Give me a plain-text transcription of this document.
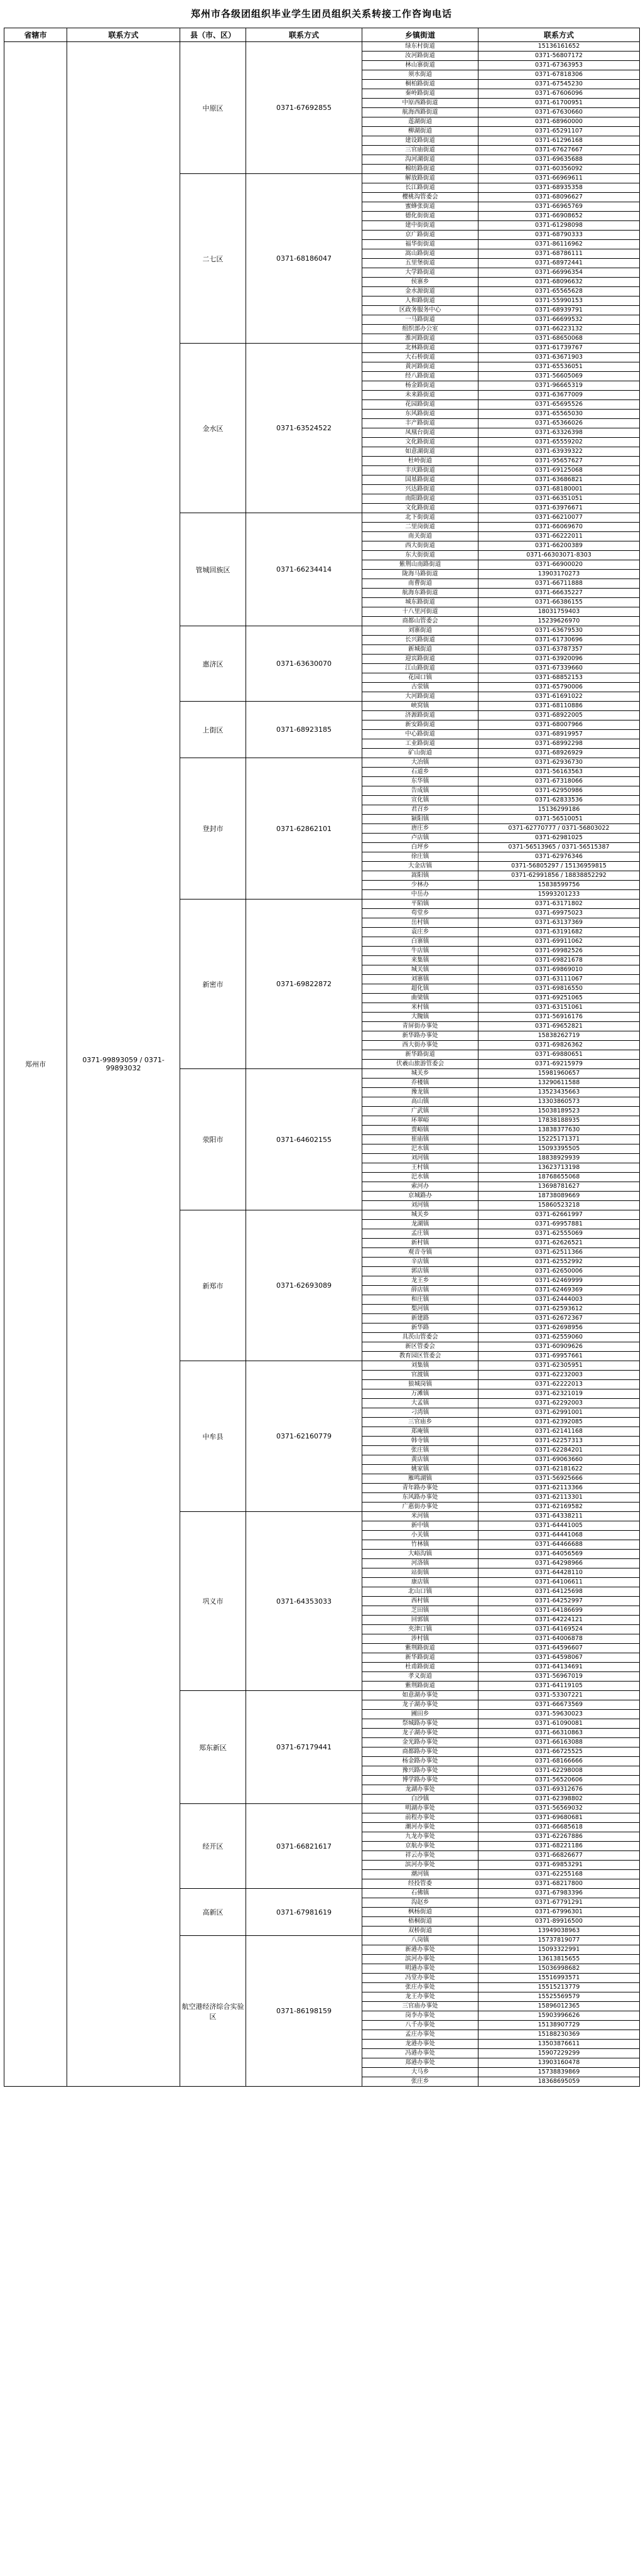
郑州市各级团组织毕业学生团员组织关系转接工作咨询电话
省辖市	联系方式	县（市、区）	联系方式	乡镇街道	联系方式
郑州市	0371-99893059 / 0371-99893032	中原区	0371-67692855	绿东村街道	15136161652
				汝河路街道	0371-56807172
				林山寨街道	0371-67363953
				须水街道	0371-67818306
				桐柏路街道	0371-67545230
				秦岭路街道	0371-67606096
				中原西路街道	0371-61700951
				航海西路街道	0371-67630660
				莲湖街道	0371-68960000
				柳湖街道	0371-65291107
				建设路街道	0371-61296168
				三官庙街道	0371-67627667
				沟河湖街道	0371-69635688
				棉纺路街道	0371-60356092
		二七区	0371-68186047	解放路街道	0371-66969611
				长江路街道	0371-68935358
				樱桃沟管委会	0371-68096627
				蜜蜂张街道	0371-66965769
				德化街街道	0371-66908652
				建中街街道	0371-61298098
				京广路街道	0371-68790333
				福华街街道	0371-86116962
				嵩山路街道	0371-68786111
				五里堡街道	0371-68972441
				大学路街道	0371-66996354
				侯寨乡	0371-68096632
				金水源街道	0371-65565628
				人和路街道	0371-55990153
				区政务服务中心	0371-68939791
				一马路街道	0371-66699532
				组织部办公室	0371-66223132
				淮河路街道	0371-68650068
		金水区	0371-63524522	北林路街道	0371-61739767
				大石桥街道	0371-63671903
				黄河路街道	0371-65536051
				经八路街道	0371-56605069
				杨金路街道	0371-96665319
				未来路街道	0371-63677009
				花园路街道	0371-65695526
				东风路街道	0371-65565030
				丰产路街道	0371-65366026
				凤凰台街道	0371-63326398
				文化路街道	0371-65559202
				如意湖街道	0371-63939322
				杜岭街道	0371-95657627
				丰庆路街道	0371-69125068
				国基路街道	0371-63686821
				兴达路街道	0371-68180001
				南阳路街道	0371-66351051
				文化路街道	0371-63976671
		管城回族区	0371-66234414	北下街街道	0371-66210077
				二里岗街道	0371-66069670
				南关街道	0371-66222011
				西大街街道	0371-66200389
				东大街街道	0371-66303071-8303
				紫荆山南路街道	0371-66900020
				陇海马路街道	13903170273
				南曹街道	0371-66711888
				航海东路街道	0371-66635227
				城东路街道	0371-66386155
				十八里河街道	18031759403
				商都山管委会	15239626970
		惠济区	0371-63630070	刘寨街道	0371-63679530
				长兴路街道	0371-61730696
				新城街道	0371-63787357
				迎宾路街道	0371-63920096
				江山路街道	0371-67339660
				花园口镇	0371-68852153
				古荥镇	0371-65790006
				大河路街道	0371-61691022
		上街区	0371-68923185	峡窝镇	0371-68110886
				济源路街道	0371-68922005
				新安路街道	0371-68007966
				中心路街道	0371-68919957
				工业路街道	0371-68992298
				矿山街道	0371-68926929
		登封市	0371-62862101	大冶镇	0371-62936730
				石道乡	0371-56163563
				东华镇	0371-67318066
				告成镇	0371-62950986
				宣化镇	0371-62833536
				君召乡	15136299186
				颍阳镇	0371-56510051
				唐庄乡	0371-62770777 / 0371-56803022
				卢店镇	0371-62981025
				白坪乡	0371-56513965 / 0371-56515387
				徐庄镇	0371-62976346
				大金店镇	0371-56805297 / 15136959815
				嵩阳镇	0371-62991856 / 18838852292
				少林办	15838599756
				中岳办	15993201233
		新密市	0371-69822872	平陌镇	0371-63171802
				苟堂乡	0371-69975023
				岳村镇	0371-63137369
				袁庄乡	0371-63191682
				白寨镇	0371-69911062
				牛店镇	0371-69982526
				来集镇	0371-69821678
				城关镇	0371-69869010
				刘寨镇	0371-63111067
				超化镇	0371-69816550
				曲梁镇	0371-69251065
				米村镇	0371-63151061
				大隗镇	0371-56916176
				青屏街办事处	0371-69652821
				新华路办事处	15838262719
				西大街办事处	0371-69826362
				新华路街道	0371-69880651
				伏羲山旅游管委会	0371-69215979
		荥阳市	0371-64602155	城关乡	15981960657
				乔楼镇	13290611588
				豫龙镇	13523435663
				高山镇	13303860573
				广武镇	15038189523
				环翠峪	17838188935
				贾峪镇	13838377630
				崔庙镇	15225171371
				汜水镇	15093395505
				刘河镇	18838929939
				王村镇	13623713198
				汜水镇	18768655068
				索河办	13698781627
				京城路办	18738089669
				刘河镇	15860523218
		新郑市	0371-62693089	城关乡	0371-62661997
				龙湖镇	0371-69957881
				孟庄镇	0371-62555069
				新村镇	0371-62626521
				观音寺镇	0371-62511366
				辛店镇	0371-62552992
				郭店镇	0371-62650006
				龙王乡	0371-62469999
				薛店镇	0371-62469369
				和庄镇	0371-62444003
				梨河镇	0371-62593612
				新建路	0371-62672367
				新华路	0371-62698956
				具茨山管委会	0371-62559060
				新区管委会	0371-60909626
				教育园区管委会	0371-69957661
		中牟县	0371-62160779	刘集镇	0371-62305951
				官渡镇	0371-62232003
				狼城岗镇	0371-62222013
				万滩镇	0371-62321019
				大孟镇	0371-62292003
				刁湾镇	0371-62991001
				三官庙乡	0371-62392085
				郑庵镇	0371-62141168
				韩寺镇	0371-62257313
				张庄镇	0371-62284201
				黄店镇	0371-69063660
				姚家镇	0371-62181622
				雁鸣湖镇	0371-56925666
				青年路办事处	0371-62113366
				东风路办事处	0371-62113301
				广惠街办事处	0371-62169582
		巩义市	0371-64353033	米河镇	0371-64338211
				新中镇	0371-64441005
				小关镇	0371-64441068
				竹林镇	0371-64466688
				大峪沟镇	0371-64056569
				河洛镇	0371-64298966
				站街镇	0371-64428110
				康店镇	0371-64106611
				北山口镇	0371-64125698
				西村镇	0371-64252997
				芝田镇	0371-64186699
				回郭镇	0371-64224121
				夹津口镇	0371-64169524
				涉村镇	0371-64006878
				紫荆路街道	0371-64596607
				新华路街道	0371-64598067
				杜甫路街道	0371-64134691
				孝义街道	0371-56967019
				紫荆路街道	0371-64119105
		郑东新区	0371-67179441	如意湖办事处	0371-53307221
				龙子湖办事处	0371-66673569
				圃田乡	0371-59630023
				祭城路办事处	0371-61090081
				龙子湖办事处	0371-66310863
				金光路办事处	0371-66163088
				商都路办事处	0371-66725525
				杨金路办事处	0371-68166666
				豫兴路办事处	0371-62298008
				博学路办事处	0371-56520606
				龙湖办事处	0371-69312676
				白沙镇	0371-62398802
		经开区	0371-66821617	明湖办事处	0371-56569032
				前程办事处	0371-69680681
				潮河办事处	0371-66685618
				九龙办事处	0371-62267886
				京航办事处	0371-68221186
				祥云办事处	0371-66826677
				滨河办事处	0371-69853291
				潮河镇	0371-62255168
				经投管委	0371-68217800
		高新区	0371-67981619	石佛镇	0371-67983396
				沟赵乡	0371-67791291
				枫杨街道	0371-67996301
				梧桐街道	0371-89916500
				双桥街道	13949038963
		航空港经济综合实验区	0371-86198159	八岗镇	15737819077
				新港办事处	15093322991
				滨河办事处	13613815655
				明港办事处	15036998682
				冯堂办事处	15516993571
				张庄办事处	15515213779
				龙王办事处	15525569579
				三官庙办事处	15896012365
				岗李办事处	15903996626
				八千办事处	15138907729
				孟庄办事处	15188230369
				龙港办事处	13503876611
				冯港办事处	15907229299
				郑港办事处	13903160478
				大马乡	15738839869
				张庄乡	18368695059
